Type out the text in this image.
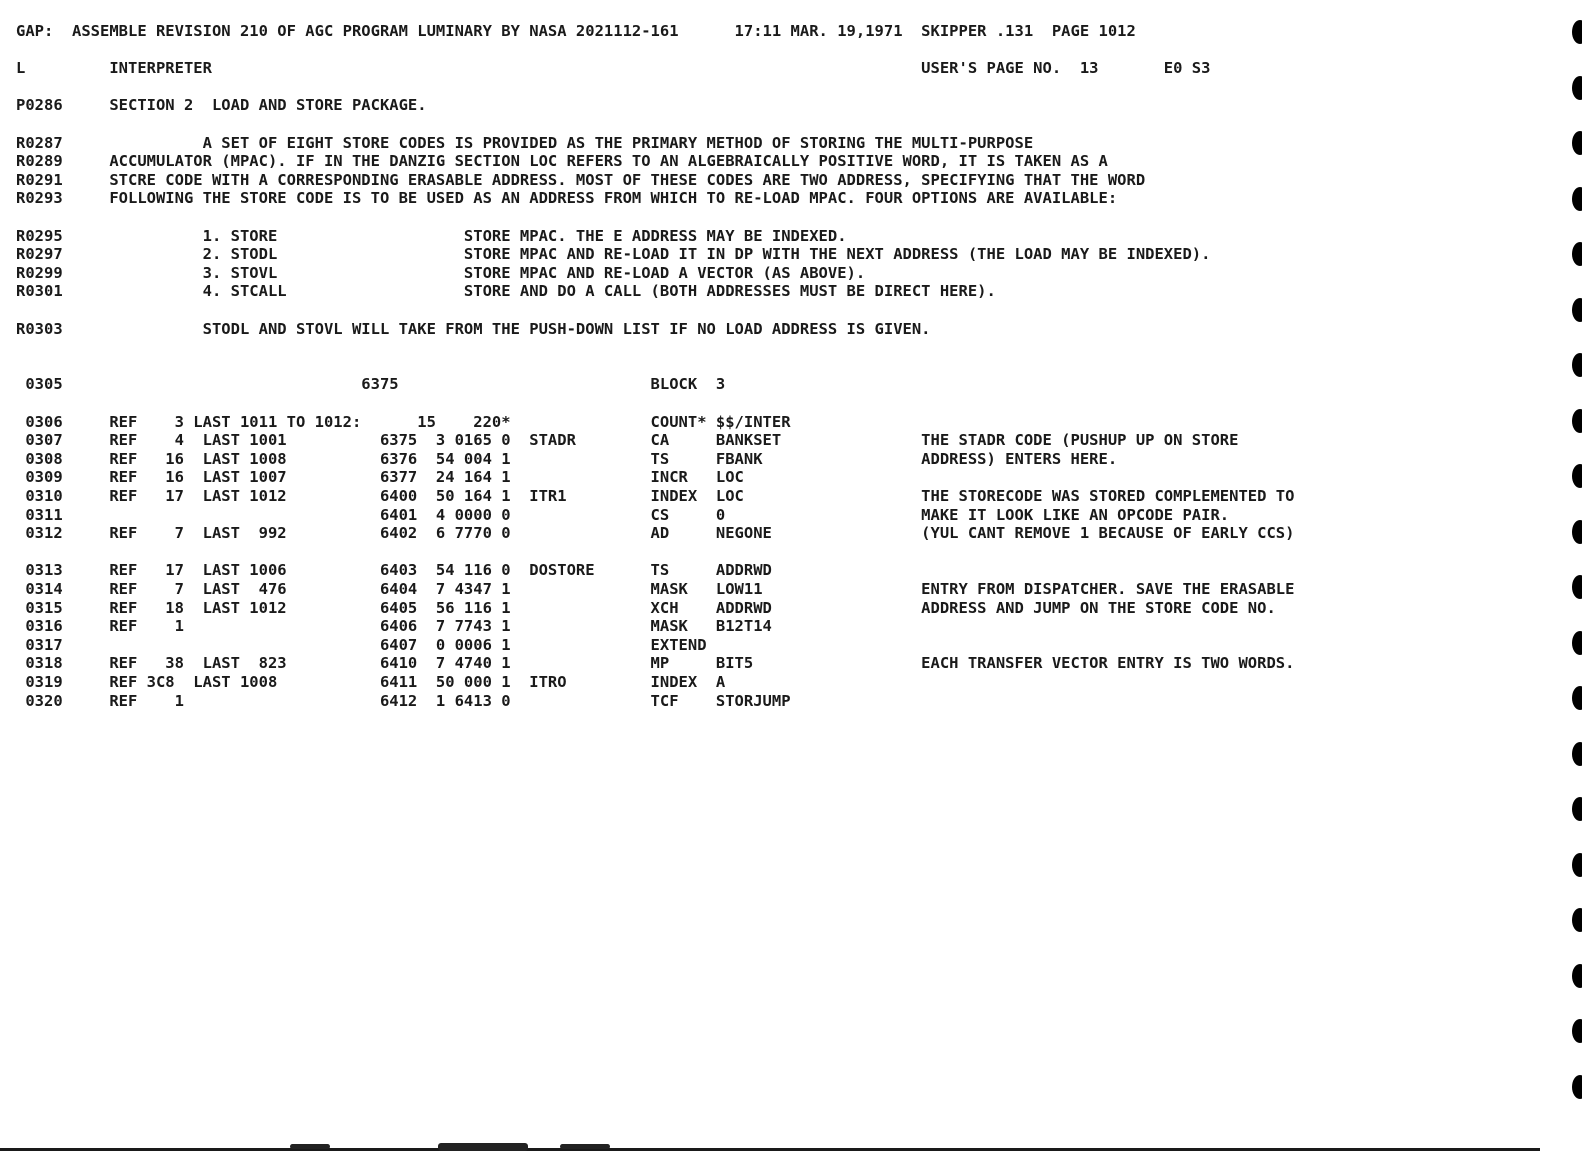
GAP:  ASSEMBLE REVISION 210 OF AGC PROGRAM LUMINARY BY NASA 2021112-161      17:11 MAR. 19,1971  SKIPPER .131  PAGE 1012
L         INTERPRETER                                                                            USER'S PAGE NO.  13       E0 S3
P0286     SECTION 2  LOAD AND STORE PACKAGE.
R0287               A SET OF EIGHT STORE CODES IS PROVIDED AS THE PRIMARY METHOD OF STORING THE MULTI-PURPOSE
R0289     ACCUMULATOR (MPAC). IF IN THE DANZIG SECTION LOC REFERS TO AN ALGEBRAICALLY POSITIVE WORD, IT IS TAKEN AS A
R0291     STCRE CODE WITH A CORRESPONDING ERASABLE ADDRESS. MOST OF THESE CODES ARE TWO ADDRESS, SPECIFYING THAT THE WORD
R0293     FOLLOWING THE STORE CODE IS TO BE USED AS AN ADDRESS FROM WHICH TO RE-LOAD MPAC. FOUR OPTIONS ARE AVAILABLE:
R0295               1. STORE                    STORE MPAC. THE E ADDRESS MAY BE INDEXED.
R0297               2. STODL                    STORE MPAC AND RE-LOAD IT IN DP WITH THE NEXT ADDRESS (THE LOAD MAY BE INDEXED).
R0299               3. STOVL                    STORE MPAC AND RE-LOAD A VECTOR (AS ABOVE).
R0301               4. STCALL                   STORE AND DO A CALL (BOTH ADDRESSES MUST BE DIRECT HERE).
R0303               STODL AND STOVL WILL TAKE FROM THE PUSH-DOWN LIST IF NO LOAD ADDRESS IS GIVEN.
0305                                6375                           BLOCK  3
0306     REF    3 LAST 1011 TO 1012:      15    220*               COUNT* $$/INTER
0307     REF    4  LAST 1001          6375  3 0165 0  STADR        CA     BANKSET               THE STADR CODE (PUSHUP UP ON STORE
0308     REF   16  LAST 1008          6376  54 004 1               TS     FBANK                 ADDRESS) ENTERS HERE.
0309     REF   16  LAST 1007          6377  24 164 1               INCR   LOC
0310     REF   17  LAST 1012          6400  50 164 1  ITR1         INDEX  LOC                   THE STORECODE WAS STORED COMPLEMENTED TO
0311                                  6401  4 0000 0               CS     0                     MAKE IT LOOK LIKE AN OPCODE PAIR.
0312     REF    7  LAST  992          6402  6 7770 0               AD     NEGONE                (YUL CANT REMOVE 1 BECAUSE OF EARLY CCS)
0313     REF   17  LAST 1006          6403  54 116 0  DOSTORE      TS     ADDRWD
0314     REF    7  LAST  476          6404  7 4347 1               MASK   LOW11                 ENTRY FROM DISPATCHER. SAVE THE ERASABLE
0315     REF   18  LAST 1012          6405  56 116 1               XCH    ADDRWD                ADDRESS AND JUMP ON THE STORE CODE NO.
0316     REF    1                     6406  7 7743 1               MASK   B12T14
0317                                  6407  0 0006 1               EXTEND
0318     REF   38  LAST  823          6410  7 4740 1               MP     BIT5                  EACH TRANSFER VECTOR ENTRY IS TWO WORDS.
0319     REF 3C8  LAST 1008           6411  50 000 1  ITRO         INDEX  A
0320     REF    1                     6412  1 6413 0               TCF    STORJUMP
